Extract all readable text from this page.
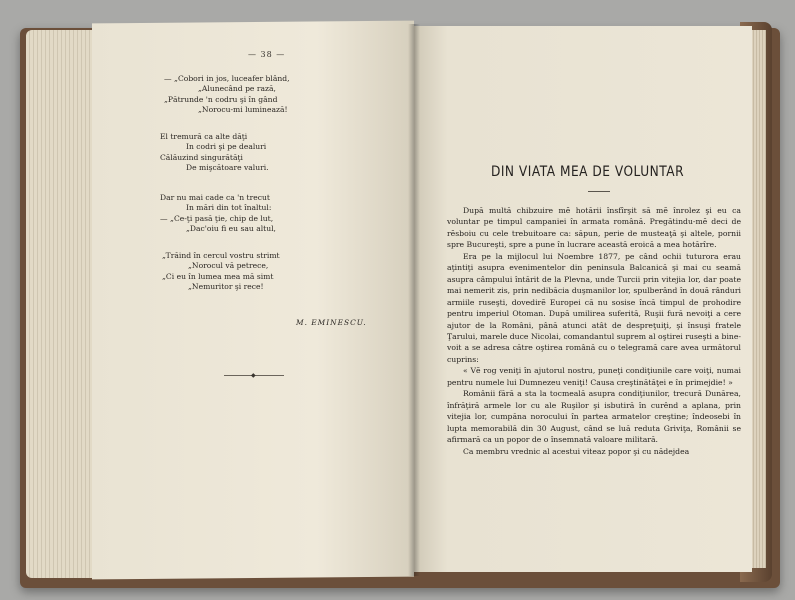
— 38 —
— „Cobori in jos, luceafer blând,
„Alunecând pe rază,
„Pătrunde 'n codru şi în gând
„Norocu-mi luminează!
El tremură ca alte dăţi
In codri şi pe dealuri
Călăuzind singurătăţi
De mişcătoare valuri.
Dar nu mai cade ca 'n trecut
In mări din tot înaltul:
— „Ce-ţi pasă ţie, chip de lut,
„Dac'oiu fi eu sau altul,
„Trăind în cercul vostru strimt
„Norocul vă petrece,
„Ci eu în lumea mea mă simt
„Nemuritor şi rece!
M. EMINESCU.
◆
DIN VIATA MEA DE VOLUNTAR

După multă chibzuire mĕ hotării însfîrşit să mĕ înrolez şi eu ca voluntar pe timpul campaniei în armata română. Pregătindu-mĕ deci de rĕsboiu cu cele trebuitoare ca: săpun, perie de musteaţă şi altele, pornii spre Bucureşti, spre a pune în lucrare această eroică a mea hotărîre.

Era pe la mijlocul lui Noembre 1877, pe când ochii tuturora erau aţintiţi asupra evenimentelor din peninsula Balcanică şi mai cu seamă asupra câmpului întărit de la Plevna, unde Turcii prin vitejia lor, dar poate mai nemerit zis, prin nedibăcia duşmanilor lor, spulberând în două rânduri armiile ruseşti, dovedirĕ Europei că nu sosise încă timpul de prohodire pentru imperiul Otoman. După umilirea suferită, Ruşii fură nevoiţi a cere ajutor de la Români, până atunci atât de despreţuiţi, şi însuşi fratele Ţarului, marele duce Nicolai, comandantul suprem al oştirei ruseşti a bine-voit a se adresa către oştirea română cu o telegramă care avea următorul cuprins:

« Vĕ rog veniţi în ajutorul nostru, puneţi condiţiunile care voiţi, numai pentru numele lui Dumnezeu veniţi! Causa creştinătăţei e în primejdie! »

Românii fără a sta la tocmeală asupra condiţiunilor, trecură Dunărea, înfrăţiră armele lor cu ale Ruşilor şi isbutiră în curênd a aplana, prin vitejia lor, cumpăna norocului în partea armatelor creştine; îndeosebi în lupta memorabilă din 30 August, când se luă reduta Griviţa, Românii se afirmară ca un popor de o însemnată valoare militară.

Ca membru vrednic al acestui viteaz popor şi cu nădejdea
